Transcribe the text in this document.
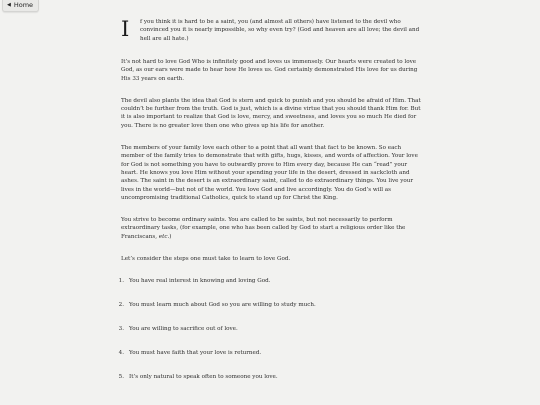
◀ Home

I f you think it is hard to be a saint, you (and almost all others) have listened to the devil who convinced you it is nearly impossible, so why even try? (God and heaven are all love; the devil and hell are all hate.)

It’s not hard to love God Who is infinitely good and loves us immensely. Our hearts were created to love God, as our ears were made to hear how He loves us. God certainly demonstrated His love for us during His 33 years on earth.

The devil also plants the idea that God is stern and quick to punish and you should be afraid of Him. That couldn’t be further from the truth. God is just, which is a divine virtue that you should thank Him for. But it is also important to realize that God is love, mercy, and sweetness, and loves you so much He died for you. There is no greater love then one who gives up his life for another.

The members of your family love each other to a point that all want that fact to be known. So each member of the family tries to demonstrate that with gifts, hugs, kisses, and words of affection. Your love for God is not something you have to outwardly prove to Him every day, because He can “read” your heart. He knows you love Him without your spending your life in the desert, dressed in sackcloth and ashes. The saint in the desert is an extraordinary saint, called to do extraordinary things. You live your lives in the world—but not of the world. You love God and live accordingly. You do God’s will as uncompromising traditional Catholics, quick to stand up for Christ the King.

You strive to become ordinary saints. You are called to be saints, but not necessarily to perform extraordinary tasks, (for example, one who has been called by God to start a religious order like the Franciscans, etc.)

Let’s consider the steps one must take to learn to love God.

1. You have real interest in knowing and loving God.
2. You must learn much about God so you are willing to study much.
3. You are willing to sacrifice out of love.
4. You must have faith that your love is returned.
5. It’s only natural to speak often to someone you love.
